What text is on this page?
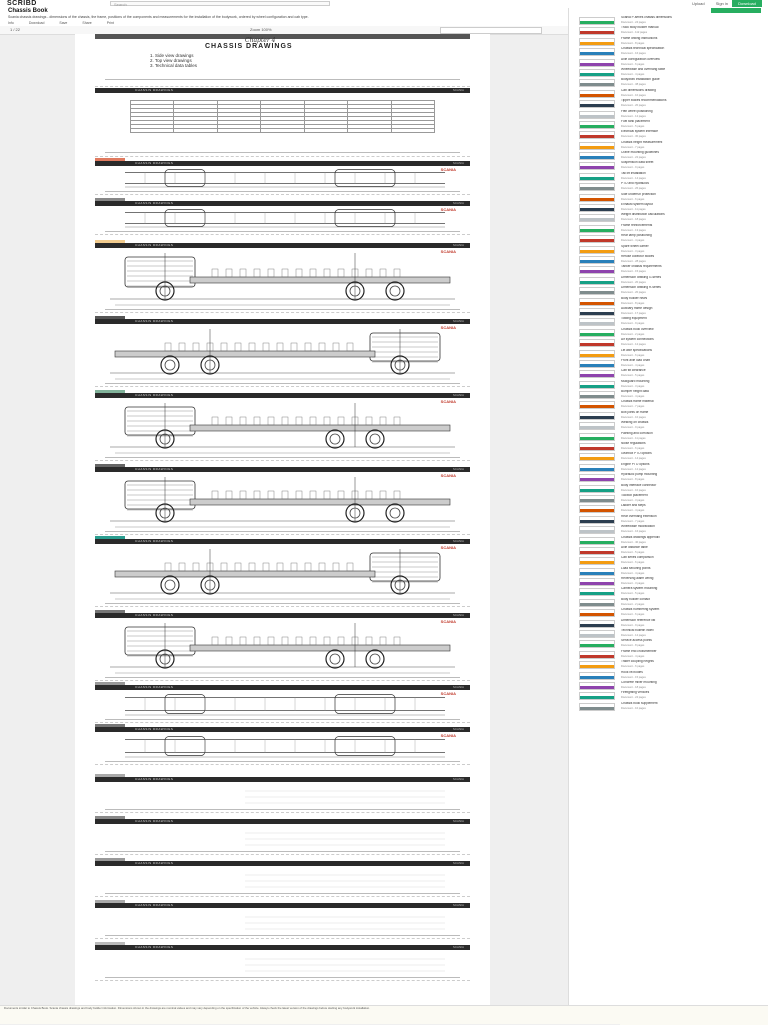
SCRIBD	Search	Upload	Sign in	Download
Chassis Book
Scania chassis drawings - dimensions of the chassis, the frame, positions of the components and measurements for the installation of the bodywork, ordered by wheel configuration and cab type.
Info	Download	Save	Share	Print
1 / 22	Zoom 100%
Chapter 4
CHASSIS DRAWINGS
1. Side view drawings
2. Top view drawings
3. Technical data tables
CHASSIS DRAWINGS	SCANIA

CHASSIS DRAWINGS	SCANIA
SCANIA
CHASSIS DRAWINGS	SCANIA
SCANIA
CHASSIS DRAWINGS	SCANIA
SCANIA
CHASSIS DRAWINGS	SCANIA
SCANIA
CHASSIS DRAWINGS	SCANIA
SCANIA
CHASSIS DRAWINGS	SCANIA
SCANIA
CHASSIS DRAWINGS	SCANIA
SCANIA
CHASSIS DRAWINGS	SCANIA
SCANIA
CHASSIS DRAWINGS	SCANIA
SCANIA
CHASSIS DRAWINGS	SCANIA
SCANIA
CHASSIS DRAWINGS	SCANIA
CHASSIS DRAWINGS	SCANIA
CHASSIS DRAWINGS	SCANIA
CHASSIS DRAWINGS	SCANIA
CHASSIS DRAWINGS	SCANIA
Scania P-series chassis dimensions
Document - 24 pages
Truck body builder manual
Document - 112 pages
Frame drilling instructions
Document - 8 pages
Chassis technical specification
Document - 16 pages
Axle configuration overview
Document - 6 pages
Wheelbase and overhang table
Document - 4 pages
Bodywork installation guide
Document - 38 pages
Cab dimensions drawing
Document - 10 pages
Tipper bodies recommendations
Document - 20 pages
Fifth wheel positioning
Document - 12 pages
Fuel tank placement
Document - 5 pages
Electrical system interface
Document - 30 pages
Chassis height measurement
Document - 7 pages
Crane mounting guidelines
Document - 22 pages
Suspension data sheet
Document - 9 pages
Tail lift installation
Document - 14 pages
PTO and hydraulics
Document - 26 pages
Side underrun protection
Document - 6 pages
Exhaust system layout
Document - 11 pages
Weight distribution calculations
Document - 18 pages
Frame reinforcements
Document - 13 pages
Rear lamp positioning
Document - 4 pages
Spare wheel carrier
Document - 3 pages
Refuse collector bodies
Document - 28 pages
Tanker chassis requirements
Document - 15 pages
Dimension drawing G-series
Document - 20 pages
Dimension drawing R-series
Document - 20 pages
Body builder news
Document - 8 pages
Auxiliary frame design
Document - 17 pages
Towing equipment
Document - 9 pages
Chassis book overview
Document - 2 pages
Air system connections
Document - 12 pages
Lift axle specifications
Document - 6 pages
Front axle load chart
Document - 4 pages
Cab tilt clearance
Document - 5 pages
Mudguard mounting
Document - 3 pages
Bumper height data
Document - 4 pages
Chassis frame material
Document - 7 pages
Bolt joints on frame
Document - 10 pages
Welding on chassis
Document - 9 pages
Painting and corrosion
Document - 11 pages
Noise regulations
Document - 6 pages
Gearbox PTO options
Document - 14 pages
Engine PTO options
Document - 12 pages
Hydraulic pump mounting
Document - 8 pages
Body interface connector
Document - 10 pages
Toolbox placement
Document - 3 pages
Ladder and steps
Document - 4 pages
Rear overhang extension
Document - 7 pages
Wheelbase modification
Document - 16 pages
Chassis drawings appendix
Document - 40 pages
Axle distance table
Document - 5 pages
Cab series comparison
Document - 6 pages
Load securing points
Document - 4 pages
Reversing alarm wiring
Document - 3 pages
Camera system mounting
Document - 5 pages
Body builder contact
Document - 2 pages
Chassis numbering system
Document - 6 pages
Dimension reference list
Document - 9 pages
Technical bulletin index
Document - 12 pages
Service access points
Document - 8 pages
Frame end crossmember
Document - 4 pages
Trailer coupling heights
Document - 6 pages
Hook lift bodies
Document - 15 pages
Concrete mixer mounting
Document - 18 pages
Firefighting vehicles
Document - 24 pages
Chassis book supplement
Document - 10 pages
Documents similar to Chassis Book. Scania chassis drawings and body builder information. Dimensions shown in the drawings are nominal values and may vary depending on the specification of the vehicle. Always check the latest version of the drawings before starting any bodywork installation.
